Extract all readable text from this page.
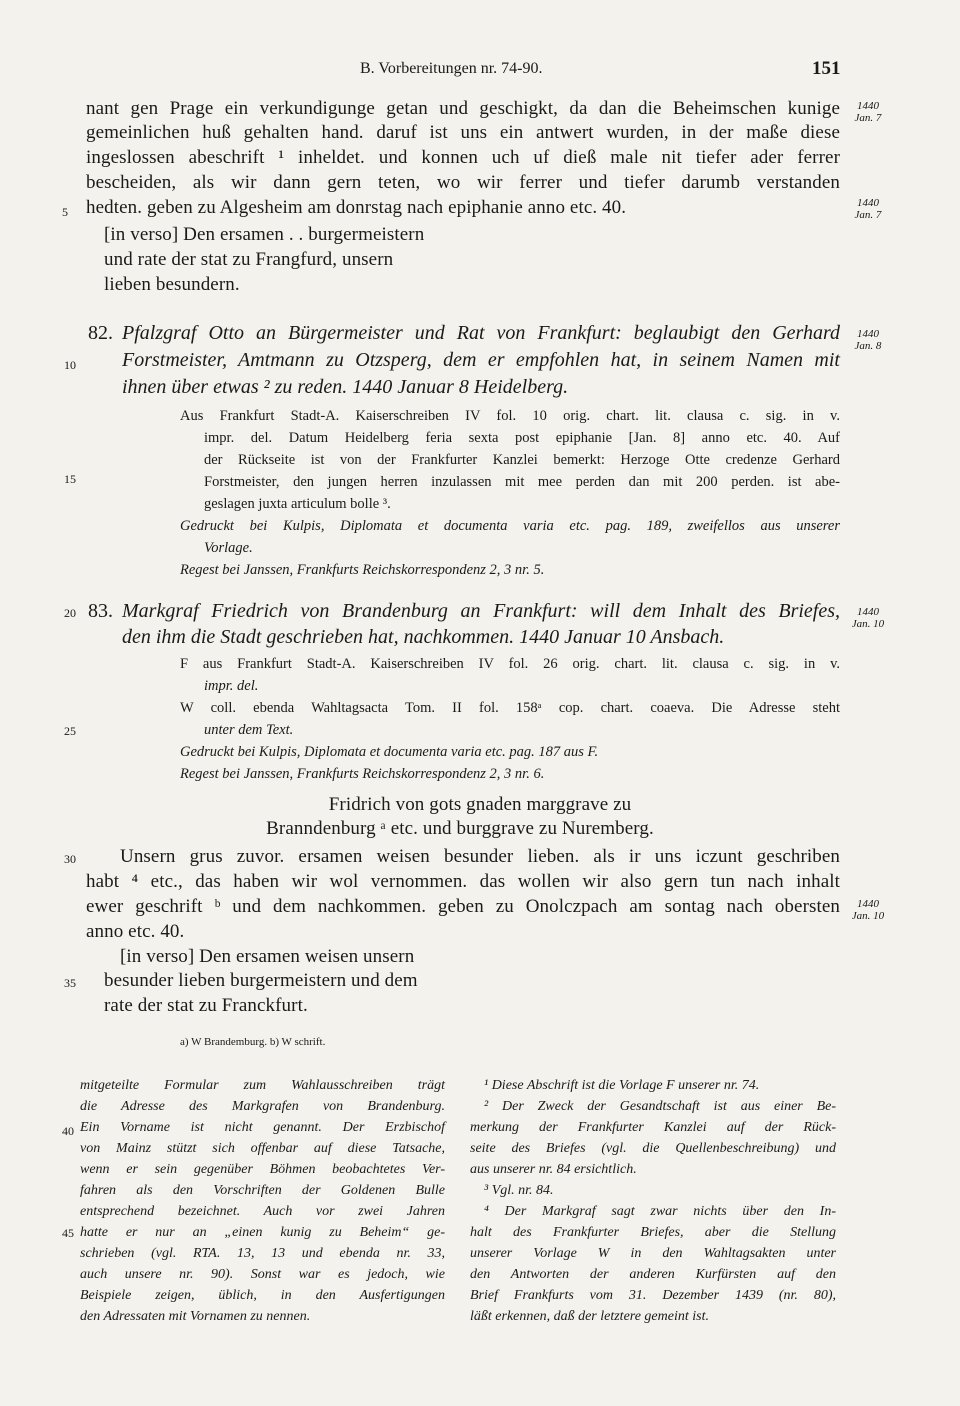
B. Vorbereitungen nr. 74-90.	151
nant gen Prage ein verkundigunge getan und geschigkt, da dan die Beheimschen kunige
gemeinlichen huß gehalten hand. daruf ist uns ein antwert wurden, in der maße diese
ingeslossen abeschrift ¹ inheldet. und konnen uch uf dieß male nit tiefer ader ferrer
bescheiden, als wir dann gern teten, wo wir ferrer und tiefer darumb verstanden
hedten. geben zu Algesheim am donrstag nach epiphanie anno etc. 40.
[in verso] Den ersamen . . burgermeistern
und rate der stat zu Frangfurd, unsern
lieben besundern.
5
1440
Jan. 7
1440
Jan. 7
82. Pfalzgraf Otto an Bürgermeister und Rat von Frankfurt: beglaubigt den Gerhard
Forstmeister, Amtmann zu Otzsperg, dem er empfohlen hat, in seinem Namen mit
ihnen über etwas ² zu reden. 1440 Januar 8 Heidelberg.
1440
Jan. 8
10
15
Aus Frankfurt Stadt-A. Kaiserschreiben IV fol. 10 orig. chart. lit. clausa c. sig. in v.
impr. del. Datum Heidelberg feria sexta post epiphanie [Jan. 8] anno etc. 40. Auf
der Rückseite ist von der Frankfurter Kanzlei bemerkt: Herzoge Otte credenze Gerhard
Forstmeister, den jungen herren inzulassen mit mee perden dan mit 200 perden. ist abe-
geslagen juxta articulum bolle ³.
Gedruckt bei Kulpis, Diplomata et documenta varia etc. pag. 189, zweifellos aus unserer
Vorlage.
Regest bei Janssen, Frankfurts Reichskorrespondenz 2, 3 nr. 5.
20 83. Markgraf Friedrich von Brandenburg an Frankfurt: will dem Inhalt des Briefes,
den ihm die Stadt geschrieben hat, nachkommen. 1440 Januar 10 Ansbach.
1440
Jan. 10
F aus Frankfurt Stadt-A. Kaiserschreiben IV fol. 26 orig. chart. lit. clausa c. sig. in v.
impr. del.
W coll. ebenda Wahltagsacta Tom. II fol. 158ᵃ cop. chart. coaeva. Die Adresse steht
unter dem Text.
25
Gedruckt bei Kulpis, Diplomata et documenta varia etc. pag. 187 aus F.
Regest bei Janssen, Frankfurts Reichskorrespondenz 2, 3 nr. 6.
Fridrich von gots gnaden marggrave zu
Branndenburg ᵃ etc. und burggrave zu Nuremberg.
30 Unsern grus zuvor. ersamen weisen besunder lieben. als ir uns iczunt geschriben
habt ⁴ etc., das haben wir wol vernommen. das wollen wir also gern tun nach inhalt
ewer geschrift ᵇ und dem nachkommen. geben zu Onolczpach am sontag nach obersten
anno etc. 40.
1440
Jan. 10
[in verso] Den ersamen weisen unsern
35 besunder lieben burgermeistern und dem
rate der stat zu Franckfurt.
a) W Brandemburg. b) W schrift.
40
45
mitgeteilte Formular zum Wahlausschreiben trägt
die Adresse des Markgrafen von Brandenburg.
Ein Vorname ist nicht genannt. Der Erzbischof
von Mainz stützt sich offenbar auf diese Tatsache,
wenn er sein gegenüber Böhmen beobachtetes Ver-
fahren als den Vorschriften der Goldenen Bulle
entsprechend bezeichnet. Auch vor zwei Jahren
hatte er nur an „einen kunig zu Beheim“ ge-
schrieben (vgl. RTA. 13, 13 und ebenda nr. 33,
auch unsere nr. 90). Sonst war es jedoch, wie
Beispiele zeigen, üblich, in den Ausfertigungen
den Adressaten mit Vornamen zu nennen.
¹ Diese Abschrift ist die Vorlage F unserer nr. 74.
² Der Zweck der Gesandtschaft ist aus einer Be-
merkung der Frankfurter Kanzlei auf der Rück-
seite des Briefes (vgl. die Quellenbeschreibung) und
aus unserer nr. 84 ersichtlich.
³ Vgl. nr. 84.
⁴ Der Markgraf sagt zwar nichts über den In-
halt des Frankfurter Briefes, aber die Stellung
unserer Vorlage W in den Wahltagsakten unter
den Antworten der anderen Kurfürsten auf den
Brief Frankfurts vom 31. Dezember 1439 (nr. 80),
läßt erkennen, daß der letztere gemeint ist.
